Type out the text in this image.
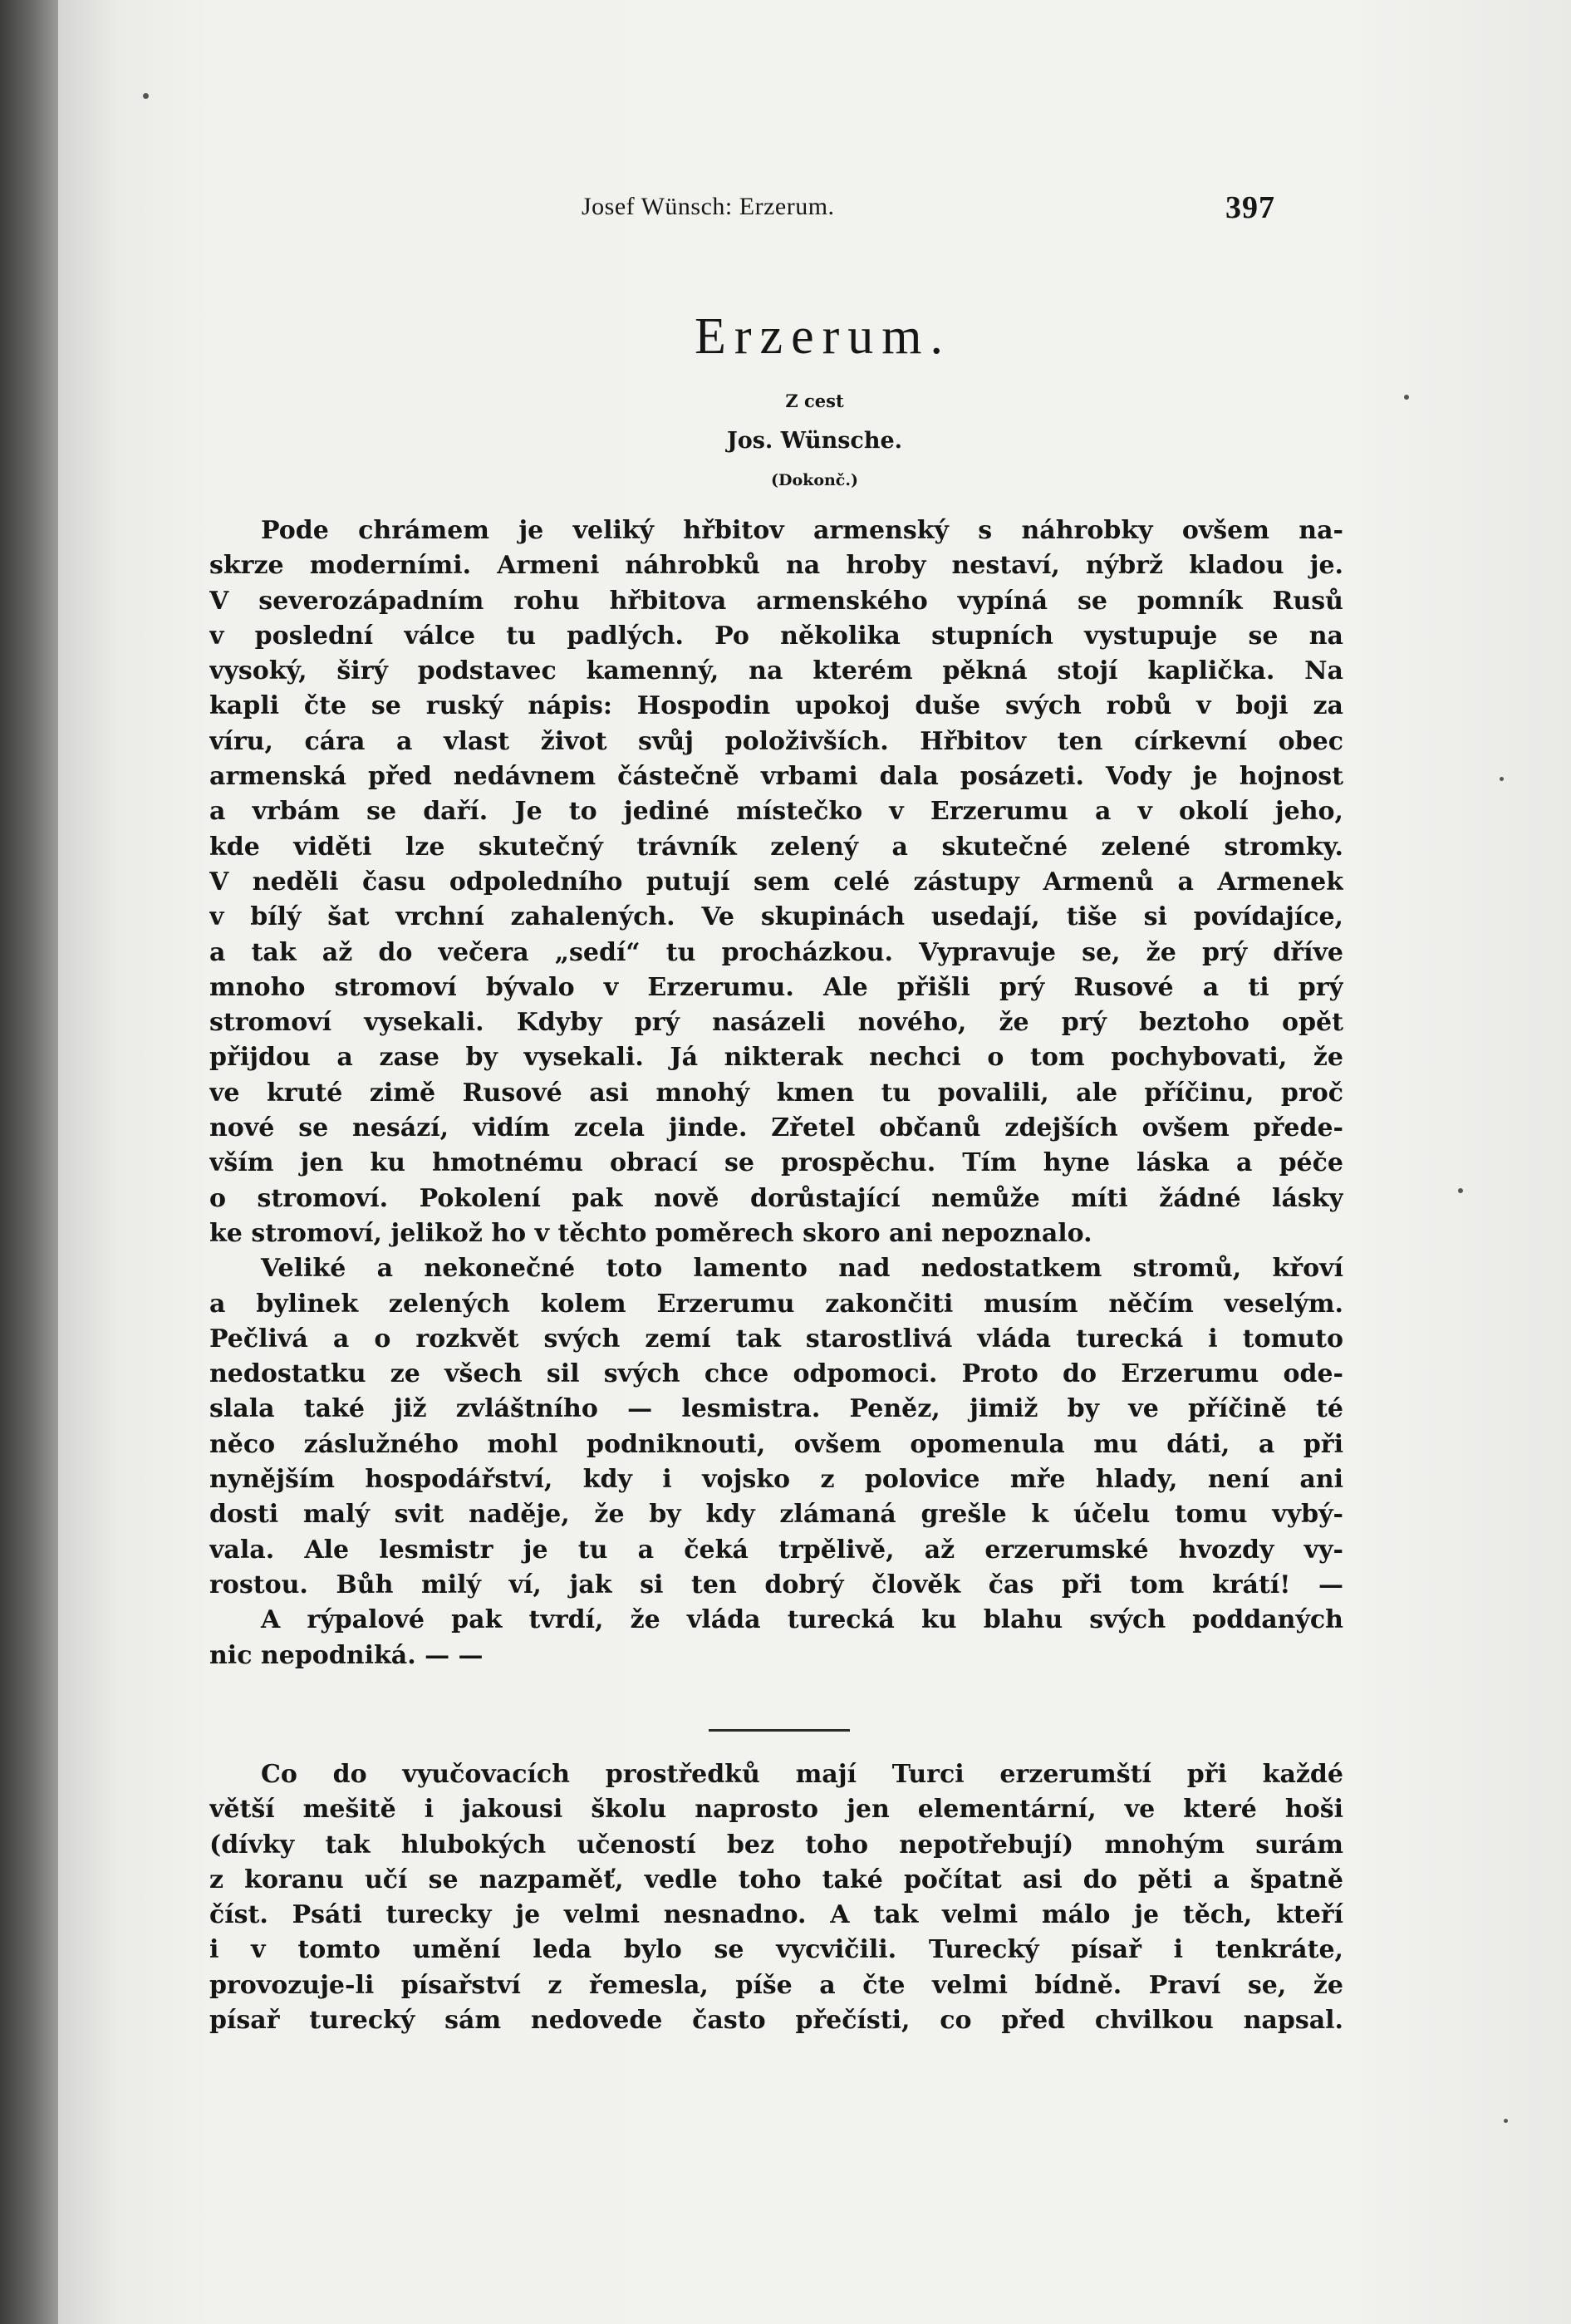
Josef Wünsch: Erzerum.	397
Erzerum.
Z cest
Jos. Wünsche.
(Dokonč.)
Pode chrámem je veliký hřbitov armenský s náhrobky ovšem na-
skrze moderními. Armeni náhrobků na hroby nestaví, nýbrž kladou je.
V severozápadním rohu hřbitova armenského vypíná se pomník Rusů
v poslední válce tu padlých. Po několika stupních vystupuje se na
vysoký, širý podstavec kamenný, na kterém pěkná stojí kaplička. Na
kapli čte se ruský nápis: Hospodin upokoj duše svých robů v boji za
víru, cára a vlast život svůj položivších. Hřbitov ten církevní obec
armenská před nedávnem částečně vrbami dala posázeti. Vody je hojnost
a vrbám se daří. Je to jediné místečko v Erzerumu a v okolí jeho,
kde viděti lze skutečný trávník zelený a skutečné zelené stromky.
V neděli času odpoledního putují sem celé zástupy Armenů a Armenek
v bílý šat vrchní zahalených. Ve skupinách usedají, tiše si povídajíce,
a tak až do večera „sedí“ tu procházkou. Vypravuje se, že prý dříve
mnoho stromoví bývalo v Erzerumu. Ale přišli prý Rusové a ti prý
stromoví vysekali. Kdyby prý nasázeli nového, že prý beztoho opět
přijdou a zase by vysekali. Já nikterak nechci o tom pochybovati, že
ve kruté zimě Rusové asi mnohý kmen tu povalili, ale příčinu, proč
nové se nesází, vidím zcela jinde. Zřetel občanů zdejších ovšem přede-
vším jen ku hmotnému obrací se prospěchu. Tím hyne láska a péče
o stromoví. Pokolení pak nově dorůstající nemůže míti žádné lásky
ke stromoví, jelikož ho v těchto poměrech skoro ani nepoznalo.
Veliké a nekonečné toto lamento nad nedostatkem stromů, křoví
a bylinek zelených kolem Erzerumu zakončiti musím něčím veselým.
Pečlivá a o rozkvět svých zemí tak starostlivá vláda turecká i tomuto
nedostatku ze všech sil svých chce odpomoci. Proto do Erzerumu ode-
slala také již zvláštního — lesmistra. Peněz, jimiž by ve příčině té
něco záslužného mohl podniknouti, ovšem opomenula mu dáti, a při
nynějším hospodářství, kdy i vojsko z polovice mře hlady, není ani
dosti malý svit naděje, že by kdy zlámaná grešle k účelu tomu vybý-
vala. Ale lesmistr je tu a čeká trpělivě, až erzerumské hvozdy vy-
rostou. Bůh milý ví, jak si ten dobrý člověk čas při tom krátí! —
A rýpalové pak tvrdí, že vláda turecká ku blahu svých poddaných
nic nepodniká. — —
Co do vyučovacích prostředků mají Turci erzerumští při každé
větší mešitě i jakousi školu naprosto jen elementární, ve které hoši
(dívky tak hlubokých učeností bez toho nepotřebují) mnohým surám
z koranu učí se nazpaměť, vedle toho také počítat asi do pěti a špatně
číst. Psáti turecky je velmi nesnadno. A tak velmi málo je těch, kteří
i v tomto umění leda bylo se vycvičili. Turecký písař i tenkráte,
provozuje-li písařství z řemesla, píše a čte velmi bídně. Praví se, že
písař turecký sám nedovede často přečísti, co před chvilkou napsal.
